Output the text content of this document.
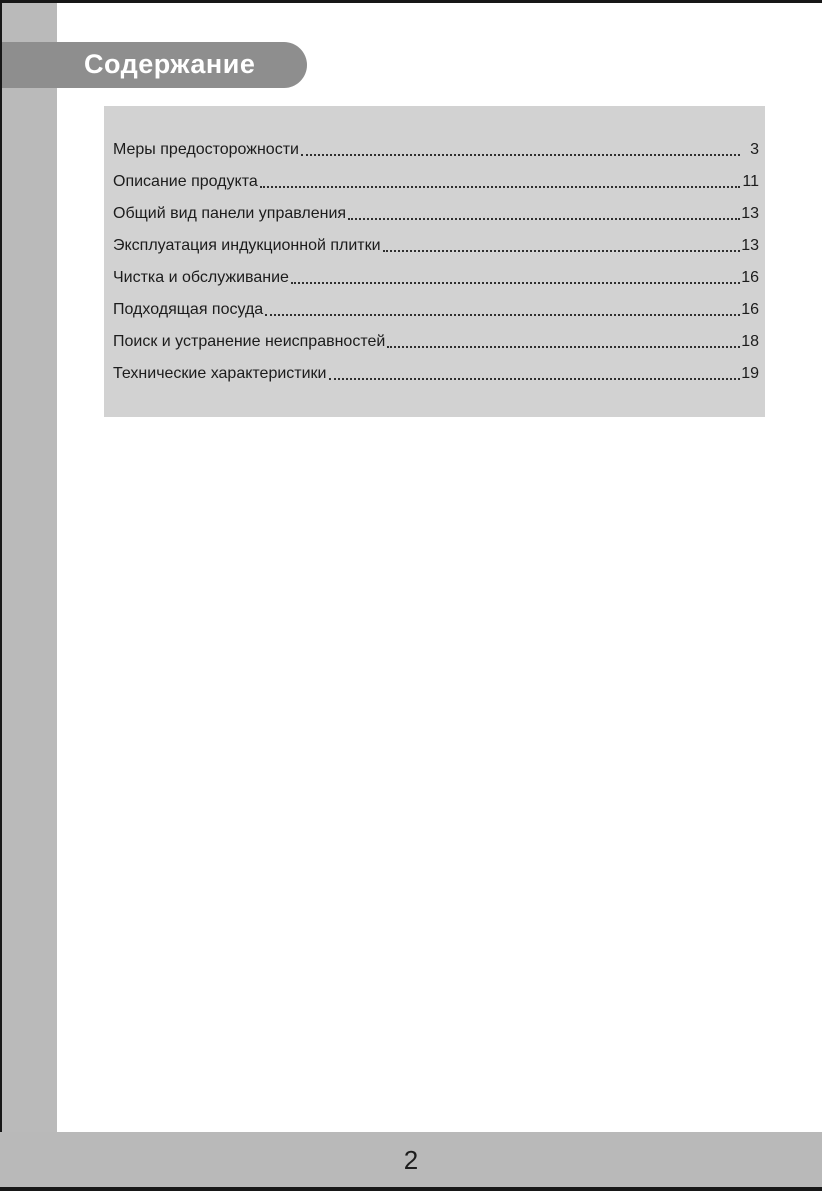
Содержание
Меры предосторожности	3
Описание продукта	11
Общий вид панели управления	13
Эксплуатация индукционной плитки	13
Чистка и обслуживание	16
Подходящая посуда	16
Поиск и устранение неисправностей	18
Технические характеристики	19
2
